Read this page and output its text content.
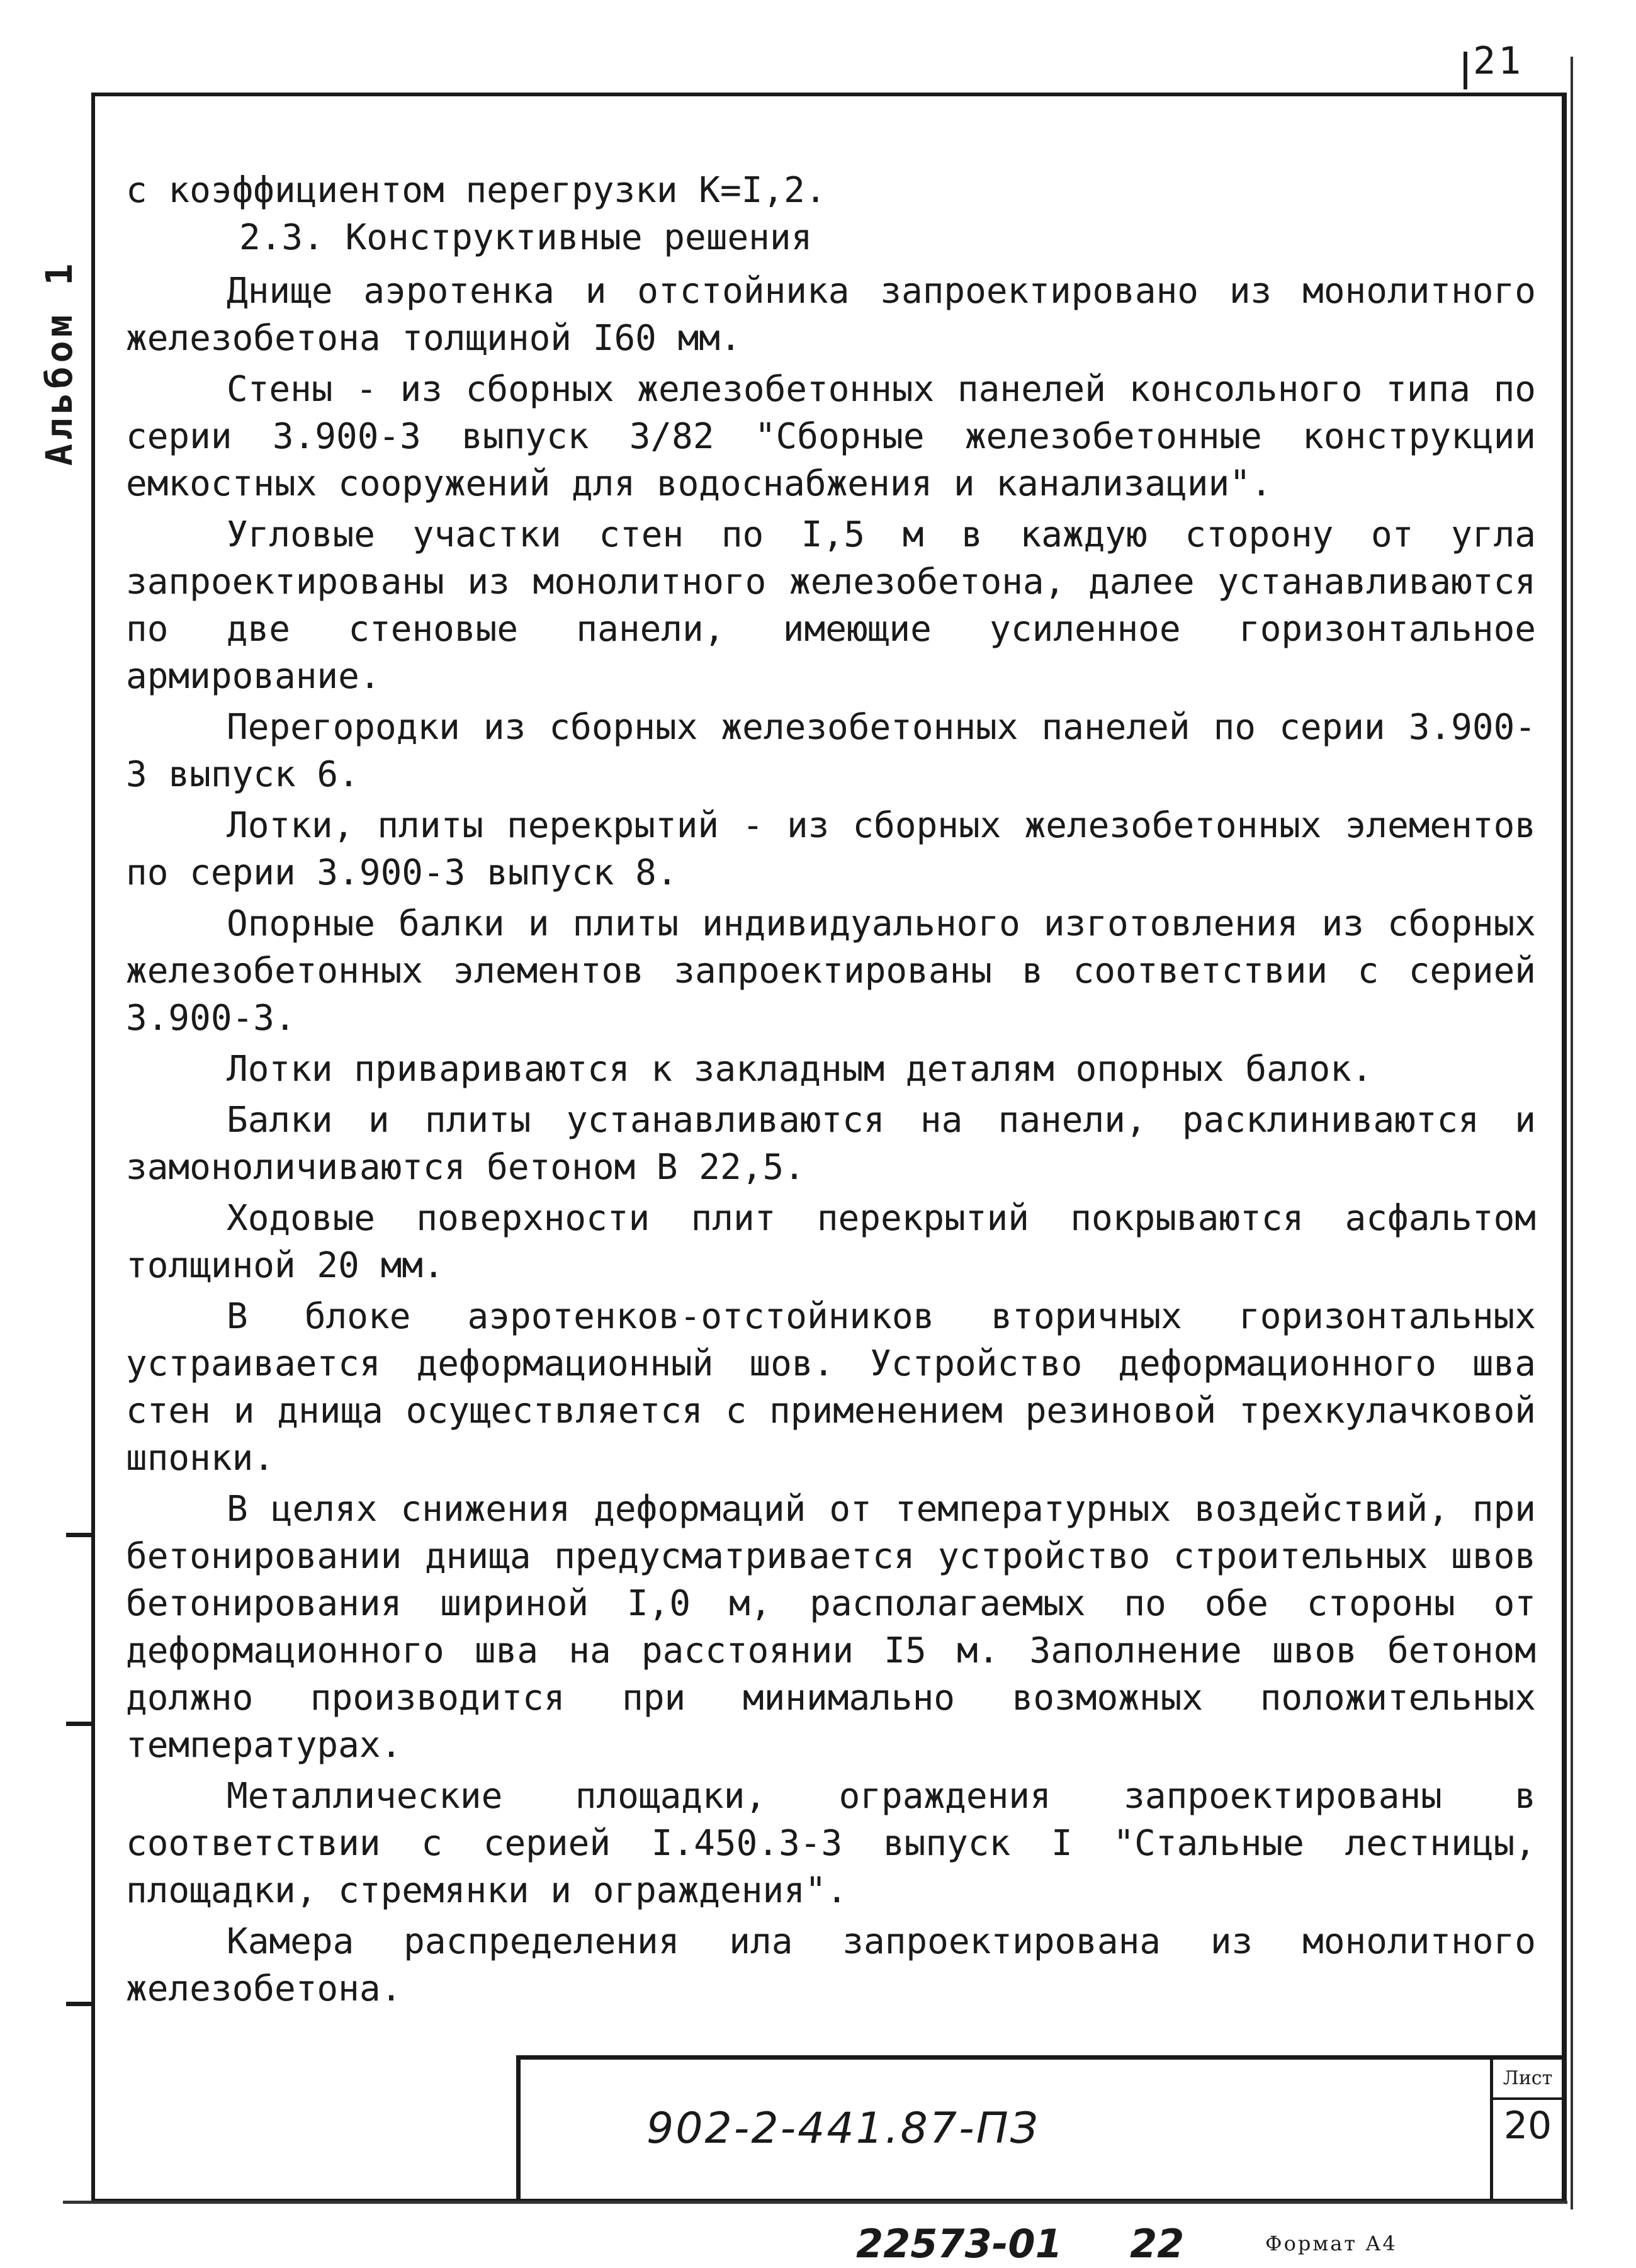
21
Альбом 1

с коэффициентом перегрузки К=I,2.

2.3. Конструктивные решения

Днище аэротенка и отстойника запроектировано из монолитного железобетона толщиной I60 мм.

Стены - из сборных железобетонных панелей консольного типа по серии 3.900-3 выпуск 3/82 "Сборные железобетонные конструкции емкостных сооружений для водоснабжения и канализации".

Угловые участки стен по I,5 м в каждую сторону от угла запроектированы из монолитного железобетона, далее устанавливаются по две стеновые панели, имеющие усиленное горизонтальное армирование.

Перегородки из сборных железобетонных панелей по серии 3.900-3 выпуск 6.

Лотки, плиты перекрытий - из сборных железобетонных элементов по серии 3.900-3 выпуск 8.

Опорные балки и плиты индивидуального изготовления из сборных железобетонных элементов запроектированы в соответствии с серией 3.900-3.

Лотки привариваются к закладным деталям опорных балок.

Балки и плиты устанавливаются на панели, расклиниваются и замоноличиваются бетоном В 22,5.

Ходовые поверхности плит перекрытий покрываются асфальтом толщиной 20 мм.

В блоке аэротенков-отстойников вторичных горизонтальных устраивается деформационный шов. Устройство деформационного шва стен и днища осуществляется с применением резиновой трехкулачковой шпонки.

В целях снижения деформаций от температурных воздействий, при бетонировании днища предусматривается устройство строительных швов бетонирования шириной I,0 м, располагаемых по обе стороны от деформационного шва на расстоянии I5 м. Заполнение швов бетоном должно производится при минимально возможных положительных температурах.

Металлические площадки, ограждения запроектированы в соответствии с серией I.450.3-3 выпуск I "Стальные лестницы, площадки, стремянки и ограждения".

Камера распределения ила запроектирована из монолитного железобетона.

902-2-441.87-ПЗ
Лист
20
22573-01 22	Формат А4
